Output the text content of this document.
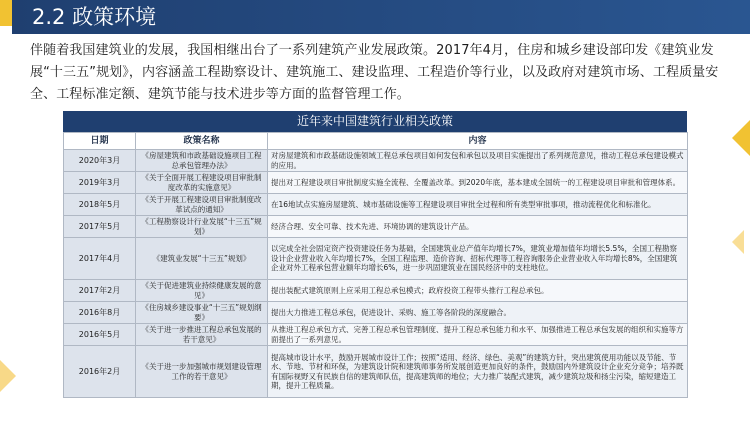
2.2 政策环境

伴随着我国建筑业的发展，我国相继出台了一系列建筑产业发展政策。2017年4月，住房和城乡建设部印发《建筑业发展“十三五”规划》，内容涵盖工程勘察设计、建筑施工、建设监理、工程造价等行业，以及政府对建筑市场、工程质量安全、工程标准定额、建筑节能与技术进步等方面的监督管理工作。

近年来中国建筑行业相关政策
日期	政策名称	内容
2020年3月	《房屋建筑和市政基础设施项目工程总承包管理办法》	对房屋建筑和市政基础设施领域工程总承包项目如何发包和承包以及项目实施提出了系列规范意见，推动工程总承包建设模式的应用。
2019年3月	《关于全面开展工程建设项目审批制度改革的实施意见》	提出对工程建设项目审批制度实施全流程、全覆盖改革。到2020年底，基本建成全国统一的工程建设项目审批和管理体系。
2018年5月	《关于开展工程建设项目审批制度改革试点的通知》	在16地试点实施房屋建筑、城市基础设施等工程建设项目审批全过程和所有类型审批事项，推动流程优化和标准化。
2017年5月	《工程勘察设计行业发展“十三五”规划》	经济合理、安全可靠、技术先进、环境协调的建筑设计产品。
2017年4月	《建筑业发展“十三五”规划》	以完成全社会固定资产投资建设任务为基础，全国建筑业总产值年均增长7%，建筑业增加值年均增长5.5%，全国工程勘察设计企业营业收入年均增长7%，全国工程监理、造价咨询、招标代理等工程咨询服务企业营业收入年均增长8%，全国建筑企业对外工程承包营业额年均增长6%，进一步巩固建筑业在国民经济中的支柱地位。
2017年2月	《关于促进建筑业持续健康发展的意见》	提出装配式建筑原则上应采用工程总承包模式；政府投资工程带头推行工程总承包。
2016年8月	《住房城乡建设事业“十三五”规划纲要》	提出大力推进工程总承包，促进设计、采购、施工等各阶段的深度融合。
2016年5月	《关于进一步推进工程总承包发展的若干意见》	从推进工程总承包方式、完善工程总承包管理制度、提升工程总承包能力和水平、加强推进工程总承包发展的组织和实施等方面提出了一系列意见。
2016年2月	《关于进一步加强城市规划建设管理工作的若干意见》	提高城市设计水平，鼓励开展城市设计工作；按照“适用、经济、绿色、美观”的建筑方针，突出建筑使用功能以及节能、节水、节地、节材和环保，为建筑设计院和建筑师事务所发展创造更加良好的条件，鼓励国内外建筑设计企业充分竞争；培养既有国际视野又有民族自信的建筑师队伍，提高建筑师的地位；大力推广装配式建筑，减少建筑垃圾和扬尘污染，缩短建造工期，提升工程质量。
